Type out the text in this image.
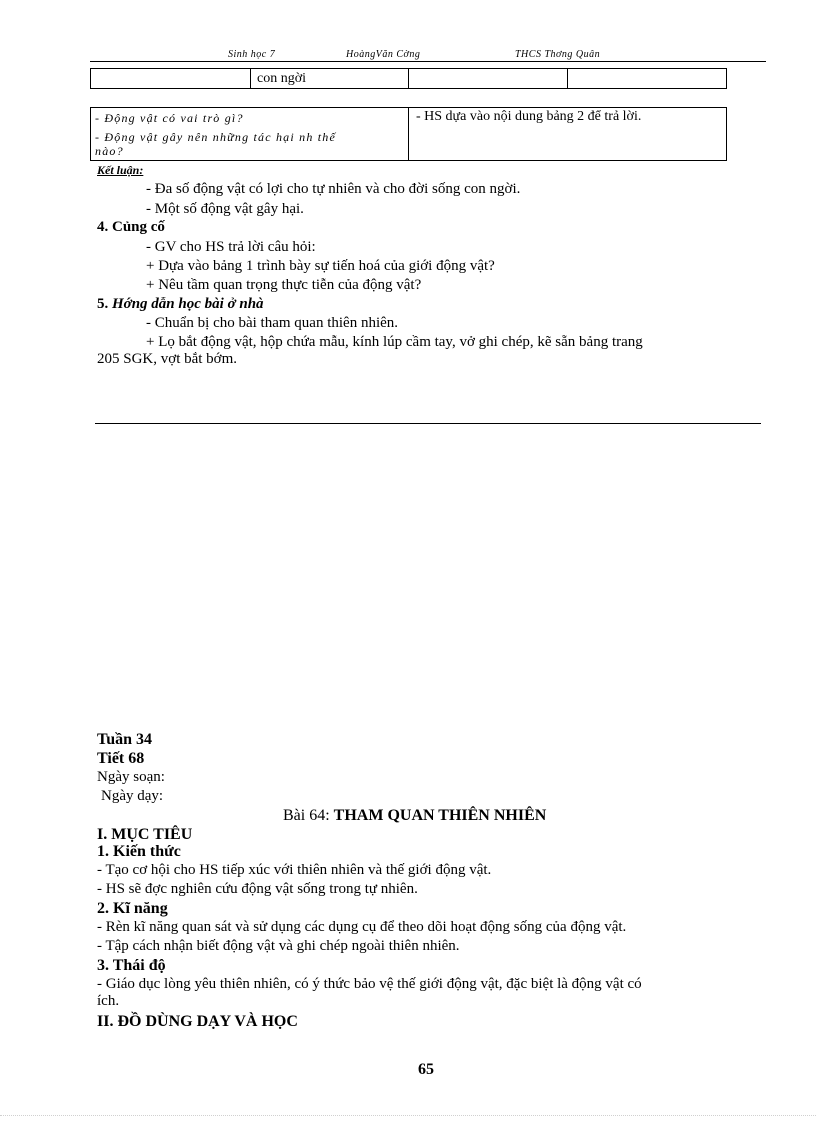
Sinh học 7	HoàngVăn Cờng	THCS Thơng Quân
con ngời
- Động vật có vai trò gì?
- Động vật gây nên những tác hại nh thế
nào?
- HS dựa vào nội dung bảng 2 để trả lời.
Kết luận:
- Đa số động vật có lợi cho tự nhiên và cho đời sống con ngời.
- Một số động vật gây hại.
4. Củng cố
- GV cho HS trả lời câu hỏi:
+ Dựa vào bảng 1 trình bày sự tiến hoá của giới động vật?
+ Nêu tầm quan trọng thực tiễn của động vật?
5. Hớng dẫn học bài ở nhà
- Chuẩn bị cho bài tham quan thiên nhiên.
+ Lọ bắt động vật, hộp chứa mẫu, kính lúp cầm tay, vở ghi chép, kẽ sẵn bảng trang
205 SGK, vợt bắt bớm.
Tuần 34
Tiết 68
Ngày soạn:
Ngày dạy:
Bài 64: THAM QUAN THIÊN NHIÊN
I. MỤC TIÊU
1. Kiến thức
- Tạo cơ hội cho HS tiếp xúc với thiên nhiên và thế giới động vật.
- HS sẽ đợc nghiên cứu động vật sống trong tự nhiên.
2. Kĩ năng
- Rèn kĩ năng quan sát và sử dụng các dụng cụ để theo dõi hoạt động sống của động vật.
- Tập cách nhận biết động vật và ghi chép ngoài thiên nhiên.
3. Thái độ
- Giáo dục lòng yêu thiên nhiên, có ý thức bảo vệ thế giới động vật, đặc biệt là động vật có
ích.
II. ĐỒ DÙNG DẠY VÀ HỌC
65
